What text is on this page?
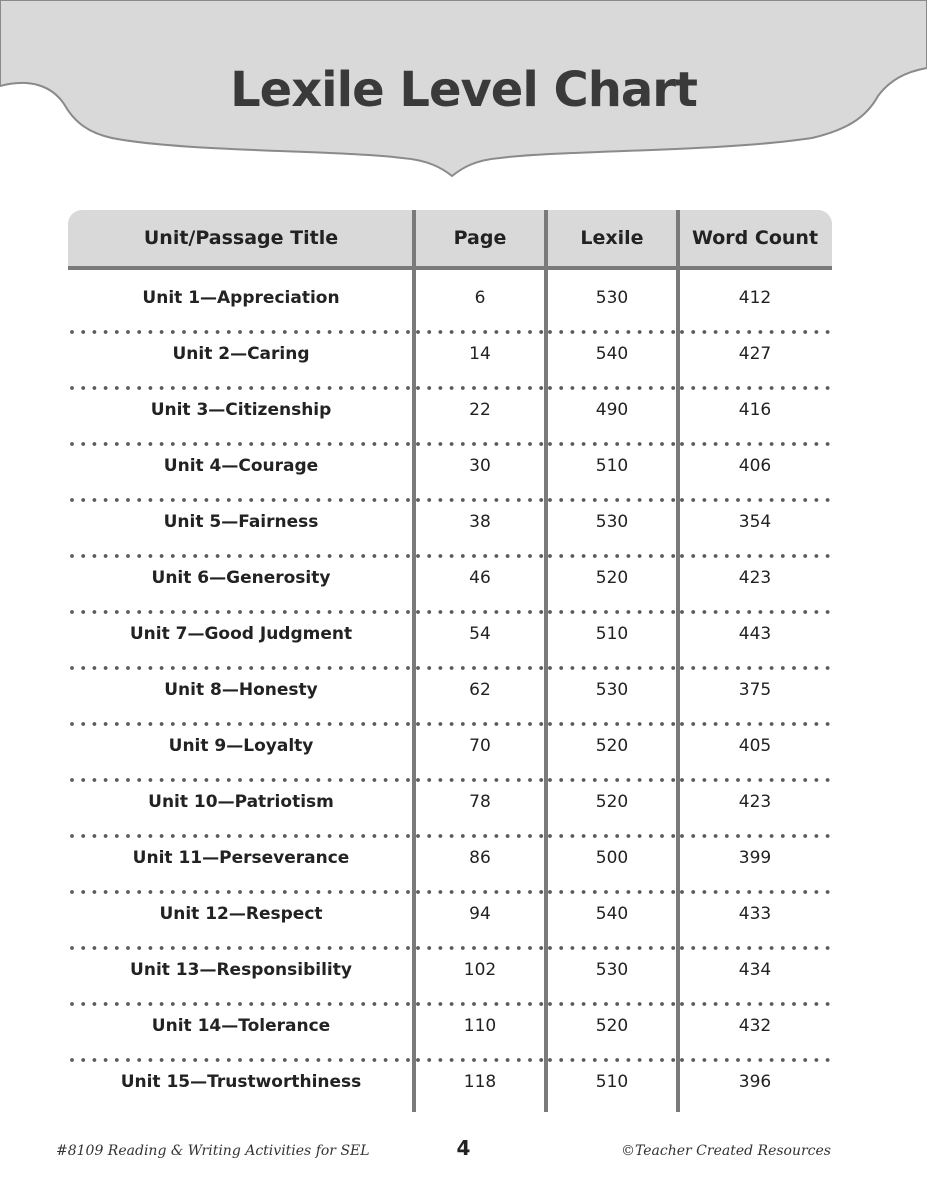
Lexile Level Chart
Unit/Passage Title	Page	Lexile	Word Count
Unit 1—Appreciation	6	530	412
Unit 2—Caring	14	540	427
Unit 3—Citizenship	22	490	416
Unit 4—Courage	30	510	406
Unit 5—Fairness	38	530	354
Unit 6—Generosity	46	520	423
Unit 7—Good Judgment	54	510	443
Unit 8—Honesty	62	530	375
Unit 9—Loyalty	70	520	405
Unit 10—Patriotism	78	520	423
Unit 11—Perseverance	86	500	399
Unit 12—Respect	94	540	433
Unit 13—Responsibility	102	530	434
Unit 14—Tolerance	110	520	432
Unit 15—Trustworthiness	118	510	396
#8109 Reading & Writing Activities for SEL	4	©Teacher Created Resources
